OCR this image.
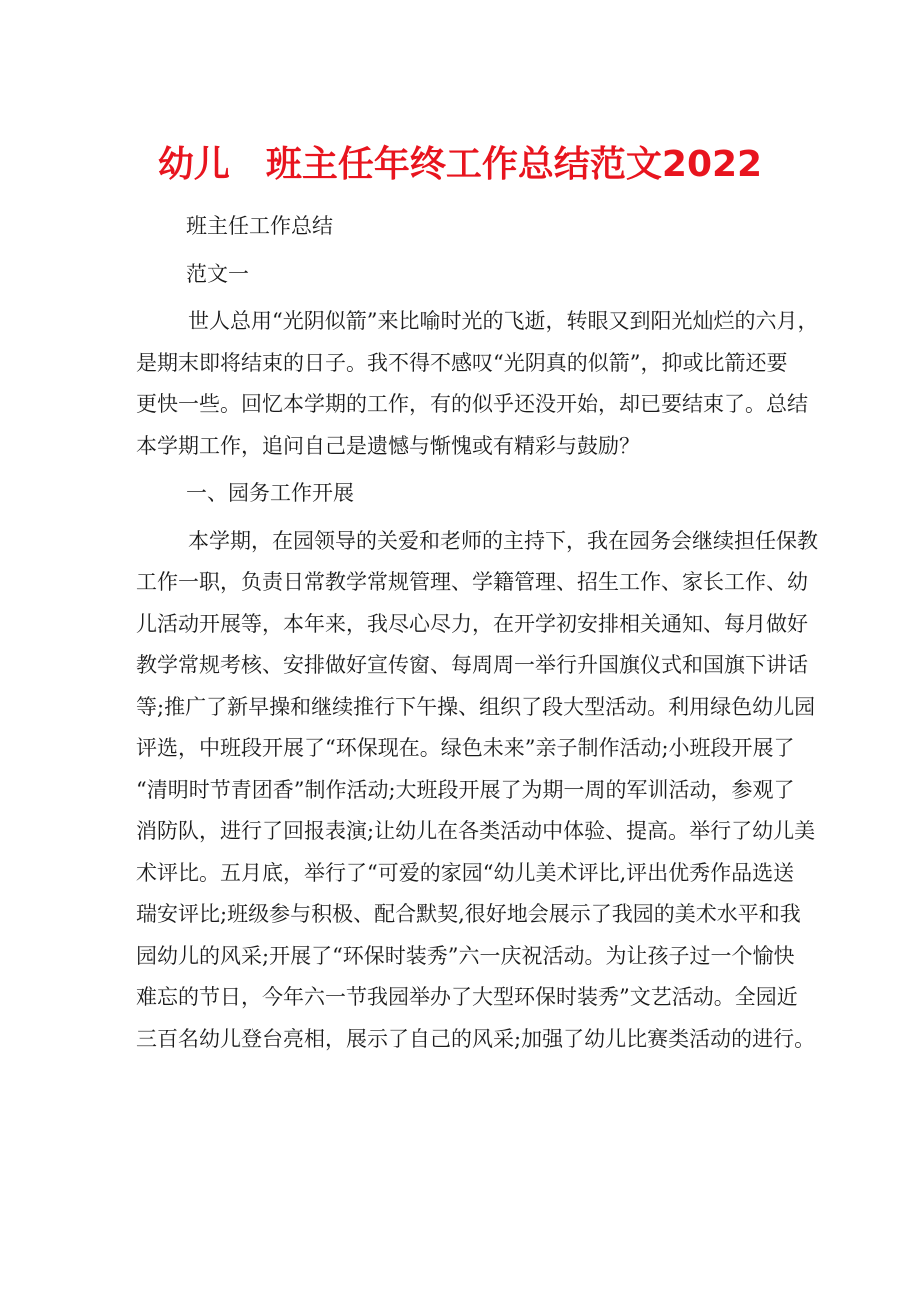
幼儿 班主任年终工作总结范文2022

班主任工作总结

范文一

世人总用“光阴似箭”来比喻时光的飞逝，转眼又到阳光灿烂的六月，
是期末即将结束的日子。我不得不感叹“光阴真的似箭”，抑或比箭还要
更快一些。回忆本学期的工作，有的似乎还没开始，却已要结束了。总结
本学期工作，追问自己是遗憾与惭愧或有精彩与鼓励？

一、园务工作开展

本学期，在园领导的关爱和老师的主持下，我在园务会继续担任保教
工作一职，负责日常教学常规管理、学籍管理、招生工作、家长工作、幼
儿活动开展等，本年来，我尽心尽力，在开学初安排相关通知、每月做好
教学常规考核、安排做好宣传窗、每周周一举行升国旗仪式和国旗下讲话
等;推广了新早操和继续推行下午操、组织了段大型活动。利用绿色幼儿园
评选，中班段开展了“环保现在。绿色未来”亲子制作活动;小班段开展了
“清明时节青团香”制作活动;大班段开展了为期一周的军训活动，参观了
消防队，进行了回报表演;让幼儿在各类活动中体验、提高。举行了幼儿美
术评比。五月底，举行了“可爱的家园“幼儿美术评比,评出优秀作品选送
瑞安评比;班级参与积极、配合默契,很好地会展示了我园的美术水平和我
园幼儿的风采;开展了“环保时装秀”六一庆祝活动。为让孩子过一个愉快
难忘的节日，今年六一节我园举办了大型环保时装秀”文艺活动。全园近
三百名幼儿登台亮相，展示了自己的风采;加强了幼儿比赛类活动的进行。
